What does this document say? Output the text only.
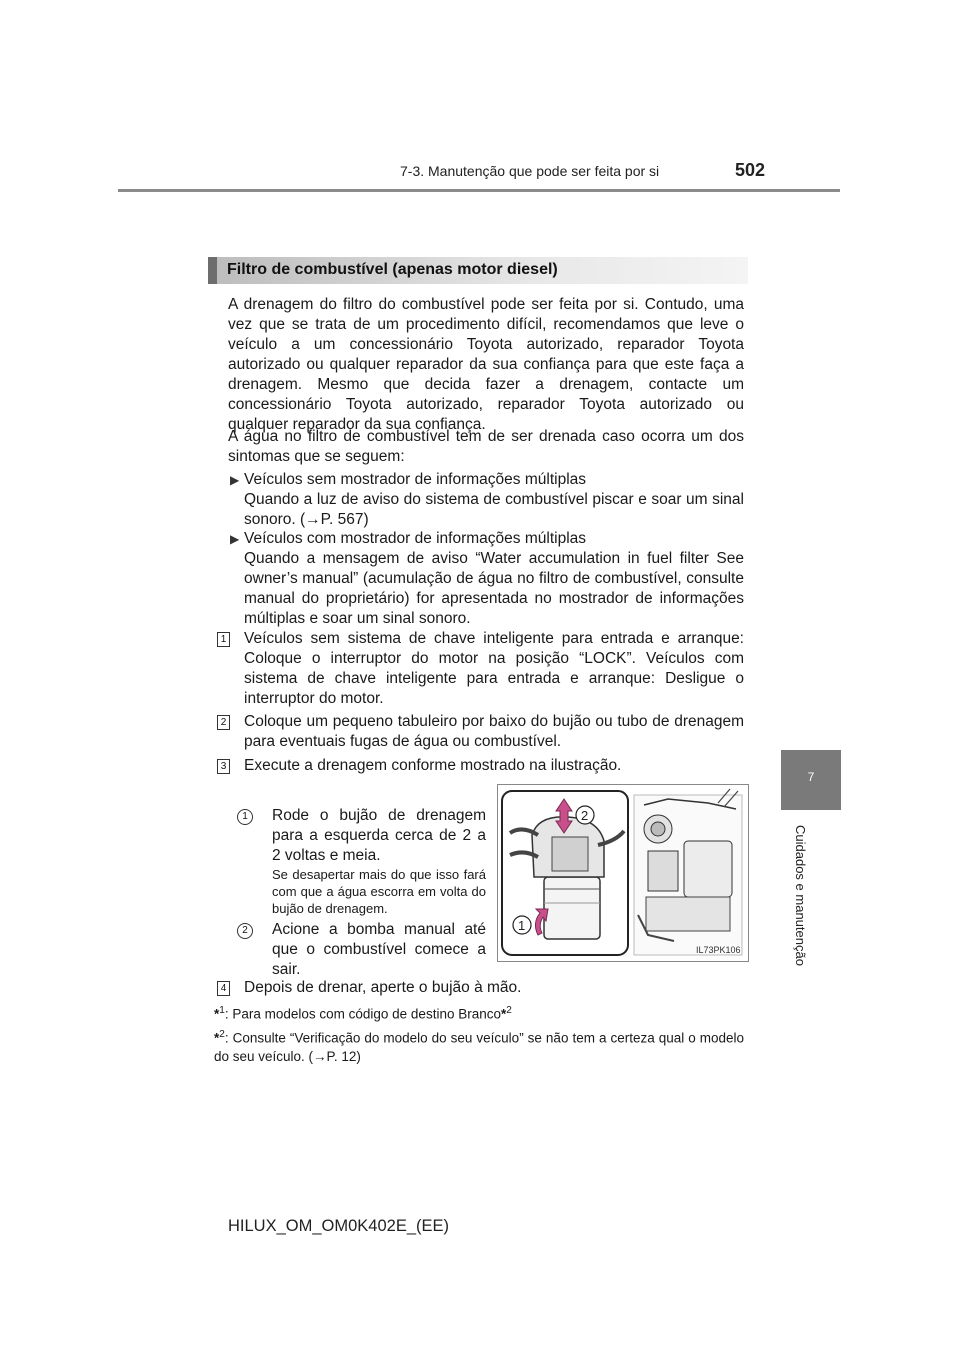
7-3. Manutenção que pode ser feita por si	502
7
Cuidados e manutenção
Filtro de combustível (apenas motor diesel)
A drenagem do filtro do combustível pode ser feita por si. Contudo, uma vez que se trata de um procedimento difícil, recomendamos que leve o veículo a um concessionário Toyota autorizado, reparador Toyota autorizado ou qualquer reparador da sua confiança para que este faça a drenagem. Mesmo que decida fazer a drenagem, contacte um concessionário Toyota autorizado, reparador Toyota autorizado ou qualquer reparador da sua confiança.
A água no filtro de combustível tem de ser drenada caso ocorra um dos sintomas que se seguem:
▶ Veículos sem mostrador de informações múltiplas
Quando a luz de aviso do sistema de combustível piscar e soar um sinal sonoro. (→P. 567)
▶ Veículos com mostrador de informações múltiplas
Quando a mensagem de aviso “Water accumulation in fuel filter See owner’s manual” (acumulação de água no filtro de combustível, consulte manual do proprietário) for apresentada no mostrador de informações múltiplas e soar um sinal sonoro.
1 Veículos sem sistema de chave inteligente para entrada e arranque: Coloque o interruptor do motor na posição “LOCK”. Veículos com sistema de chave inteligente para entrada e arranque: Desligue o interruptor do motor.
2 Coloque um pequeno tabuleiro por baixo do bujão ou tubo de drenagem para eventuais fugas de água ou combustível.
3 Execute a drenagem conforme mostrado na ilustração.
1	Rode o bujão de drenagem para a esquerda cerca de 2 a 2 voltas e meia.
Se desapertar mais do que isso fará com que a água escorra em volta do bujão de drenagem.
2	Acione a bomba manual até que o combustível comece a sair.
2
1
IL73PK106
4 Depois de drenar, aperte o bujão à mão.
*$^1$: Para modelos com código de destino Branco*$^2$
*$^2$: Consulte “Verificação do modelo do seu veículo” se não tem a certeza qual o modelo do seu veículo. (→P. 12)
HILUX_OM_OM0K402E_(EE)
